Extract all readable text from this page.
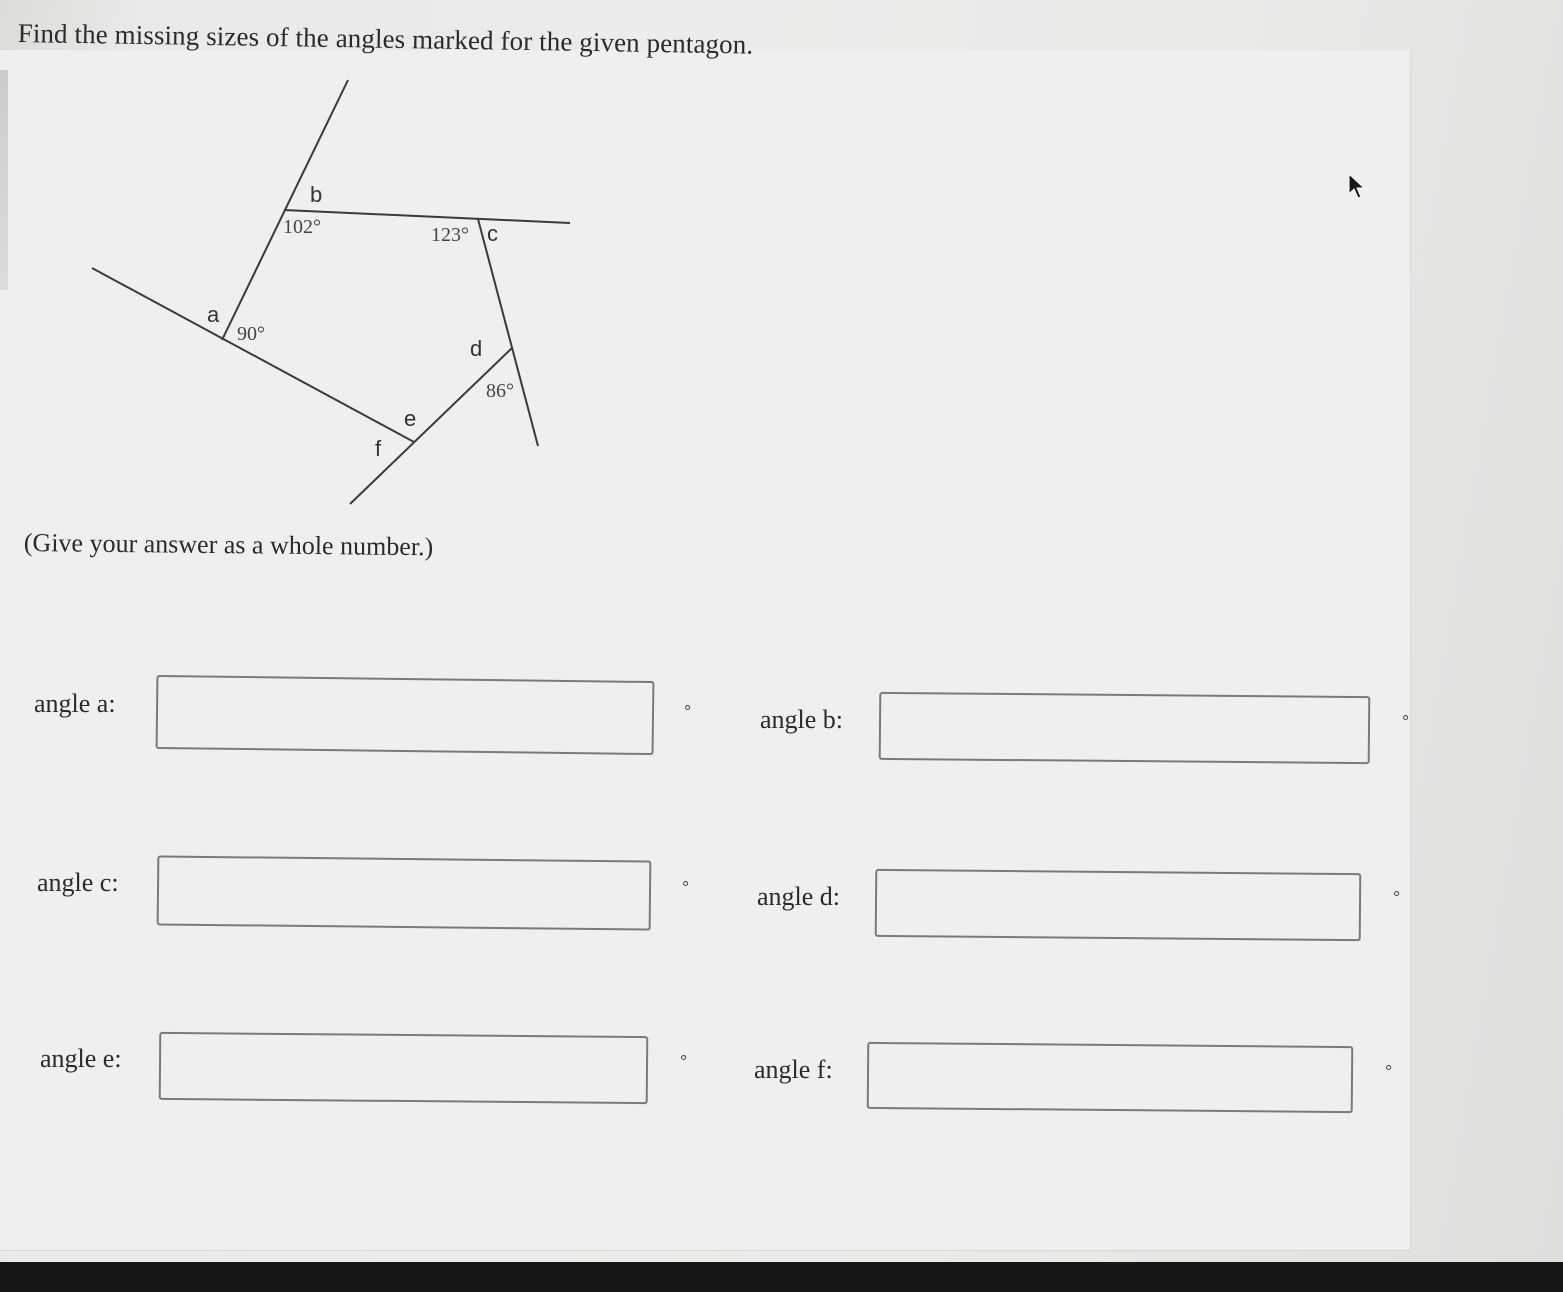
Find the missing sizes of the angles marked for the given pentagon.
a
b
c
d
e
f
102°	123°
90°
86°
(Give your answer as a whole number.)
angle a:	°	angle b:	°
angle c:	°	angle d:	°
angle e:	°	angle f:	°
